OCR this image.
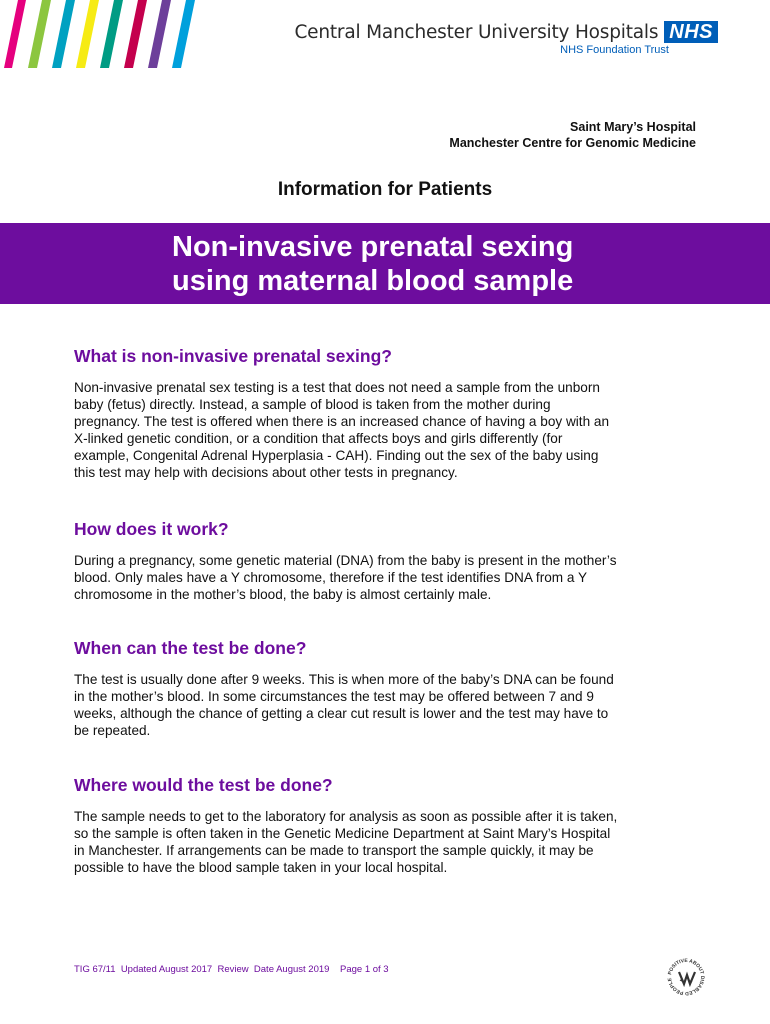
Central Manchester University Hospitals NHS
NHS Foundation Trust
Saint Mary’s Hospital
Manchester Centre for Genomic Medicine
Information for Patients
Non-invasive prenatal sexing
using maternal blood sample
What is non-invasive prenatal sexing?

Non-invasive prenatal sex testing is a test that does not need a sample from the unborn
baby (fetus) directly. Instead, a sample of blood is taken from the mother during
pregnancy. The test is offered when there is an increased chance of having a boy with an
X-linked genetic condition, or a condition that affects boys and girls differently (for
example, Congenital Adrenal Hyperplasia - CAH). Finding out the sex of the baby using
this test may help with decisions about other tests in pregnancy.

How does it work?

During a pregnancy, some genetic material (DNA) from the baby is present in the mother’s
blood. Only males have a Y chromosome, therefore if the test identifies DNA from a Y
chromosome in the mother’s blood, the baby is almost certainly male.

When can the test be done?

The test is usually done after 9 weeks. This is when more of the baby’s DNA can be found
in the mother’s blood. In some circumstances the test may be offered between 7 and 9
weeks, although the chance of getting a clear cut result is lower and the test may have to
be repeated.

Where would the test be done?

The sample needs to get to the laboratory for analysis as soon as possible after it is taken,
so the sample is often taken in the Genetic Medicine Department at Saint Mary’s Hospital
in Manchester. If arrangements can be made to transport the sample quickly, it may be
possible to have the blood sample taken in your local hospital.

TIG 67/11  Updated August 2017  Review  Date August 2019    Page 1 of 3	POSITIVE ABOUT DISABLED PEOPLE
